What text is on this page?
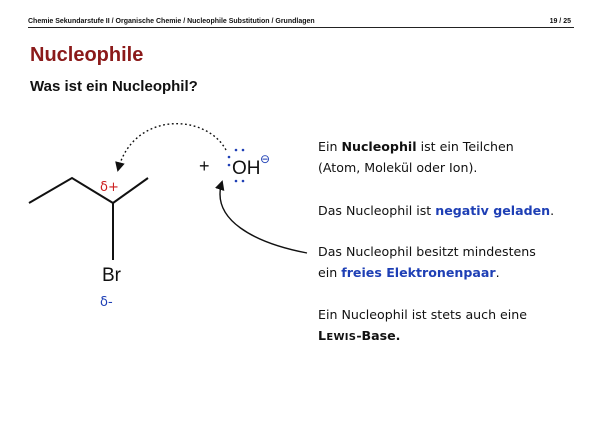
Chemie Sekundarstufe II / Organische Chemie / Nucleophile Substitution / Grundlagen	19 / 25
Nucleophile
Was ist ein Nucleophil?
δ+
Br
δ-
+ OH ⊖

Ein Nucleophil ist ein Teilchen

(Atom, Molekül oder Ion).

Das Nucleophil ist negativ geladen.

Das Nucleophil besitzt mindestens

ein freies Elektronenpaar.

Ein Nucleophil ist stets auch eine

LEWIS-Base.
